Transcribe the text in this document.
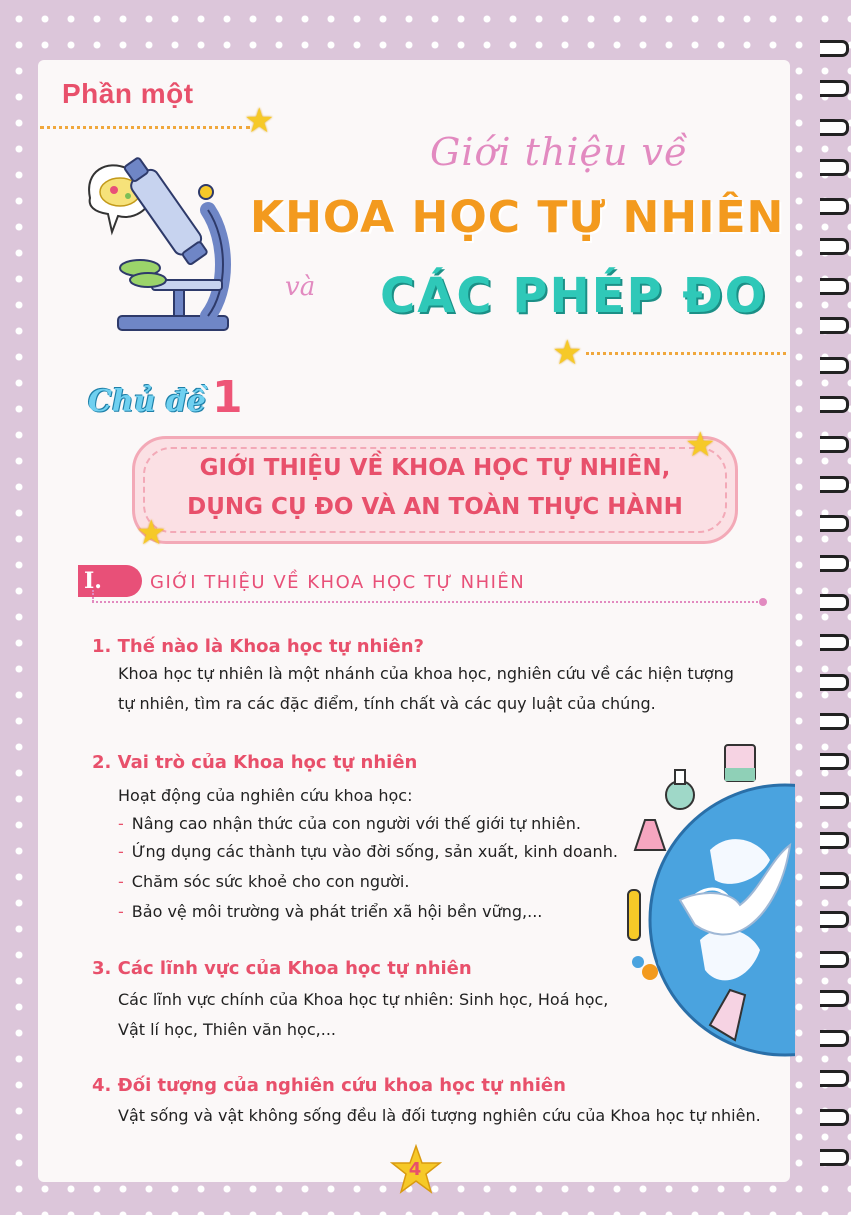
Phần một
★
Giới thiệu về
KHOA HỌC TỰ NHIÊN
và CÁC PHÉP ĐO
★
Chủ đề 1
GIỚI THIỆU VỀ KHOA HỌC TỰ NHIÊN,
DỤNG CỤ ĐO VÀ AN TOÀN THỰC HÀNH
★
★
I.	GIỚI THIỆU VỀ KHOA HỌC TỰ NHIÊN
1. Thế nào là Khoa học tự nhiên?
Khoa học tự nhiên là một nhánh của khoa học, nghiên cứu về các hiện tượng
tự nhiên, tìm ra các đặc điểm, tính chất và các quy luật của chúng.
2. Vai trò của Khoa học tự nhiên
Hoạt động của nghiên cứu khoa học:
- Nâng cao nhận thức của con người với thế giới tự nhiên.
- Ứng dụng các thành tựu vào đời sống, sản xuất, kinh doanh.
- Chăm sóc sức khoẻ cho con người.
- Bảo vệ môi trường và phát triển xã hội bền vững,...
3. Các lĩnh vực của Khoa học tự nhiên
Các lĩnh vực chính của Khoa học tự nhiên: Sinh học, Hoá học,
Vật lí học, Thiên văn học,...
4. Đối tượng của nghiên cứu khoa học tự nhiên
Vật sống và vật không sống đều là đối tượng nghiên cứu của Khoa học tự nhiên.
4
